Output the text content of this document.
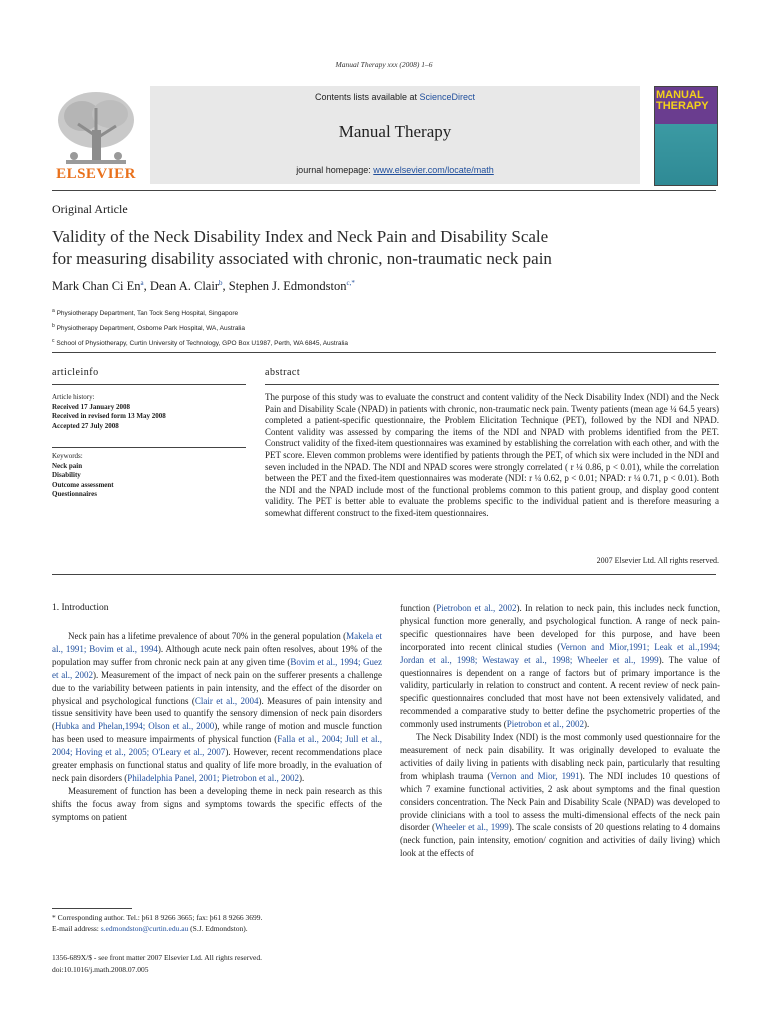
Manual Therapy xxx (2008) 1–6
ELSEVIER
Contents lists available at ScienceDirect
Manual Therapy
journal homepage: www.elsevier.com/locate/math
MANUAL
THERAPY
Original Article
Validity of the Neck Disability Index and Neck Pain and Disability Scale
for measuring disability associated with chronic, non-traumatic neck pain
Mark Chan Ci En$^a$, Dean A. Clair$^b$, Stephen J. Edmondston$^{c,*}$
$^a$ Physiotherapy Department, Tan Tock Seng Hospital, Singapore
$^b$ Physiotherapy Department, Osborne Park Hospital, WA, Australia
$^c$ School of Physiotherapy, Curtin University of Technology, GPO Box U1987, Perth, WA 6845, Australia
articleinfo
Article history:
Received 17 January 2008
Received in revised form 13 May 2008
Accepted 27 July 2008
Keywords:
Neck pain
Disability
Outcome assessment
Questionnaires
abstract
The purpose of this study was to evaluate the construct and content validity of the Neck Disability Index (NDI) and the Neck Pain and Disability Scale (NPAD) in patients with chronic, non-traumatic neck pain. Twenty patients (mean age ¼ 64.5 years) completed a patient-specific questionnaire, the Problem Elicitation Technique (PET), followed by the NDI and NPAD. Content validity was assessed by comparing the items of the NDI and NPAD with problems identified from the PET. Construct validity of the fixed-item questionnaires was examined by establishing the correlation with each other, and with the PET score. Eleven common problems were identified by patients through the PET, of which six were included in the NDI and seven included in the NPAD. The NDI and NPAD scores were strongly correlated ( r ¼ 0.86, p < 0.01), while the correlation between the PET and the fixed-item questionnaires was moderate (NDI: r ¼ 0.62, p < 0.01; NPAD: r ¼ 0.71, p < 0.01). Both the NDI and the NPAD include most of the functional problems common to this patient group, and display good content validity. The PET is better able to evaluate the problems specific to the individual patient and is therefore measuring a somewhat different construct to the fixed-item questionnaires.
2007 Elsevier Ltd. All rights reserved.
1. Introduction

Neck pain has a lifetime prevalence of about 70% in the general population (Makela et al., 1991; Bovim et al., 1994). Although acute neck pain often resolves, about 19% of the population may suffer from chronic neck pain at any given time (Bovim et al., 1994; Guez et al., 2002). Measurement of the impact of neck pain on the sufferer presents a challenge due to the variability between patients in pain intensity, and the effect of the disorder on physical and psychological functions (Clair et al., 2004). Measures of pain intensity and tissue sensitivity have been used to quantify the sensory dimension of neck pain disorders (Hubka and Phelan,1994; Olson et al., 2000), while range of motion and muscle function has been used to measure impairments of physical function (Falla et al., 2004; Jull et al., 2004; Hoving et al., 2005; O'Leary et al., 2007). However, recent recommendations place greater emphasis on functional status and quality of life more broadly, in the evaluation of neck pain disorders (Philadelphia Panel, 2001; Pietrobon et al., 2002).

Measurement of function has been a developing theme in neck pain research as this shifts the focus away from signs and symptoms towards the specific effects of the symptoms on patient

function (Pietrobon et al., 2002). In relation to neck pain, this includes neck function, physical function more generally, and psychological function. A range of neck pain-specific questionnaires have been developed for this purpose, and have been incorporated into recent clinical studies (Vernon and Mior,1991; Leak et al.,1994; Jordan et al., 1998; Westaway et al., 1998; Wheeler et al., 1999). The value of questionnaires is dependent on a range of factors but of primary importance is the validity, particularly in relation to construct and content. A recent review of neck pain-specific questionnaires concluded that most have not been extensively validated, and recommended a comparative study to better define the psychometric properties of the commonly used instruments (Pietrobon et al., 2002).

The Neck Disability Index (NDI) is the most commonly used questionnaire for the measurement of neck pain disability. It was originally developed to evaluate the activities of daily living in patients with disabling neck pain, particularly that resulting from whiplash trauma (Vernon and Mior, 1991). The NDI includes 10 questions of which 7 examine functional activities, 2 ask about symptoms and the final question considers concentration. The Neck Pain and Disability Scale (NPAD) was developed to provide clinicians with a tool to assess the multi-dimensional effects of the neck pain disorder (Wheeler et al., 1999). The scale consists of 20 questions relating to 4 domains (neck function, pain intensity, emotion/ cognition and activities of daily living) which look at the effects of

* Corresponding author. Tel.: þ61 8 9266 3665; fax: þ61 8 9266 3699.
E-mail address: s.edmondston@curtin.edu.au (S.J. Edmondston).
1356-689X/$ - see front matter 2007 Elsevier Ltd. All rights reserved.
doi:10.1016/j.math.2008.07.005
